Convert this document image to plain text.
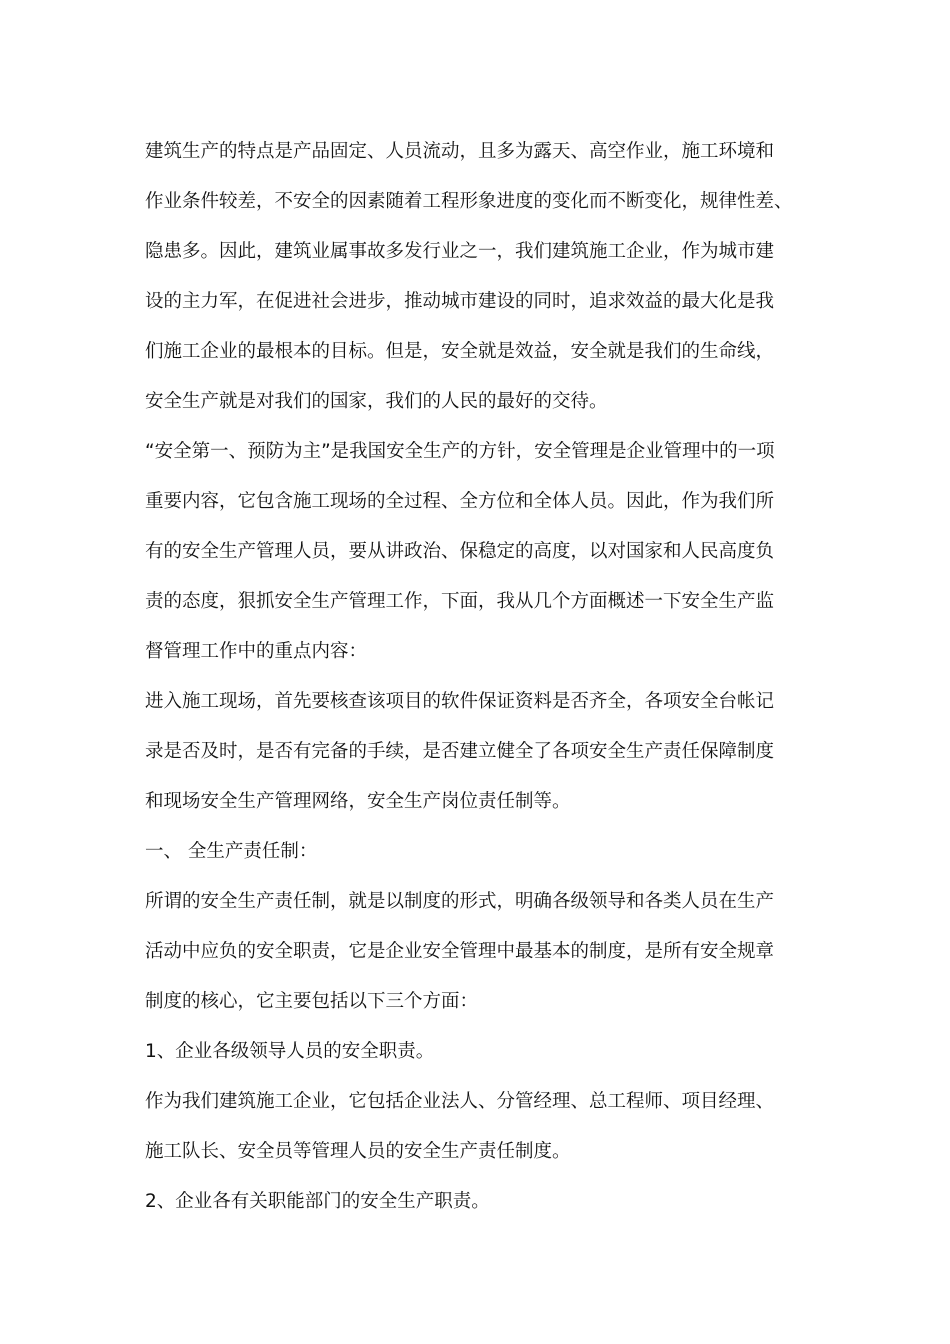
建筑生产的特点是产品固定、人员流动，且多为露天、高空作业，施工环境和
作业条件较差，不安全的因素随着工程形象进度的变化而不断变化，规律性差、
隐患多。因此，建筑业属事故多发行业之一，我们建筑施工企业，作为城市建
设的主力军，在促进社会进步，推动城市建设的同时，追求效益的最大化是我
们施工企业的最根本的目标。但是，安全就是效益，安全就是我们的生命线，
安全生产就是对我们的国家，我们的人民的最好的交待。
“安全第一、预防为主”是我国安全生产的方针，安全管理是企业管理中的一项
重要内容，它包含施工现场的全过程、全方位和全体人员。因此，作为我们所
有的安全生产管理人员，要从讲政治、保稳定的高度，以对国家和人民高度负
责的态度，狠抓安全生产管理工作，下面，我从几个方面概述一下安全生产监
督管理工作中的重点内容：
进入施工现场，首先要核查该项目的软件保证资料是否齐全，各项安全台帐记
录是否及时，是否有完备的手续，是否建立健全了各项安全生产责任保障制度
和现场安全生产管理网络，安全生产岗位责任制等。
一、 全生产责任制：
所谓的安全生产责任制，就是以制度的形式，明确各级领导和各类人员在生产
活动中应负的安全职责，它是企业安全管理中最基本的制度，是所有安全规章
制度的核心，它主要包括以下三个方面：
1、企业各级领导人员的安全职责。
作为我们建筑施工企业，它包括企业法人、分管经理、总工程师、项目经理、
施工队长、安全员等管理人员的安全生产责任制度。
2、企业各有关职能部门的安全生产职责。
